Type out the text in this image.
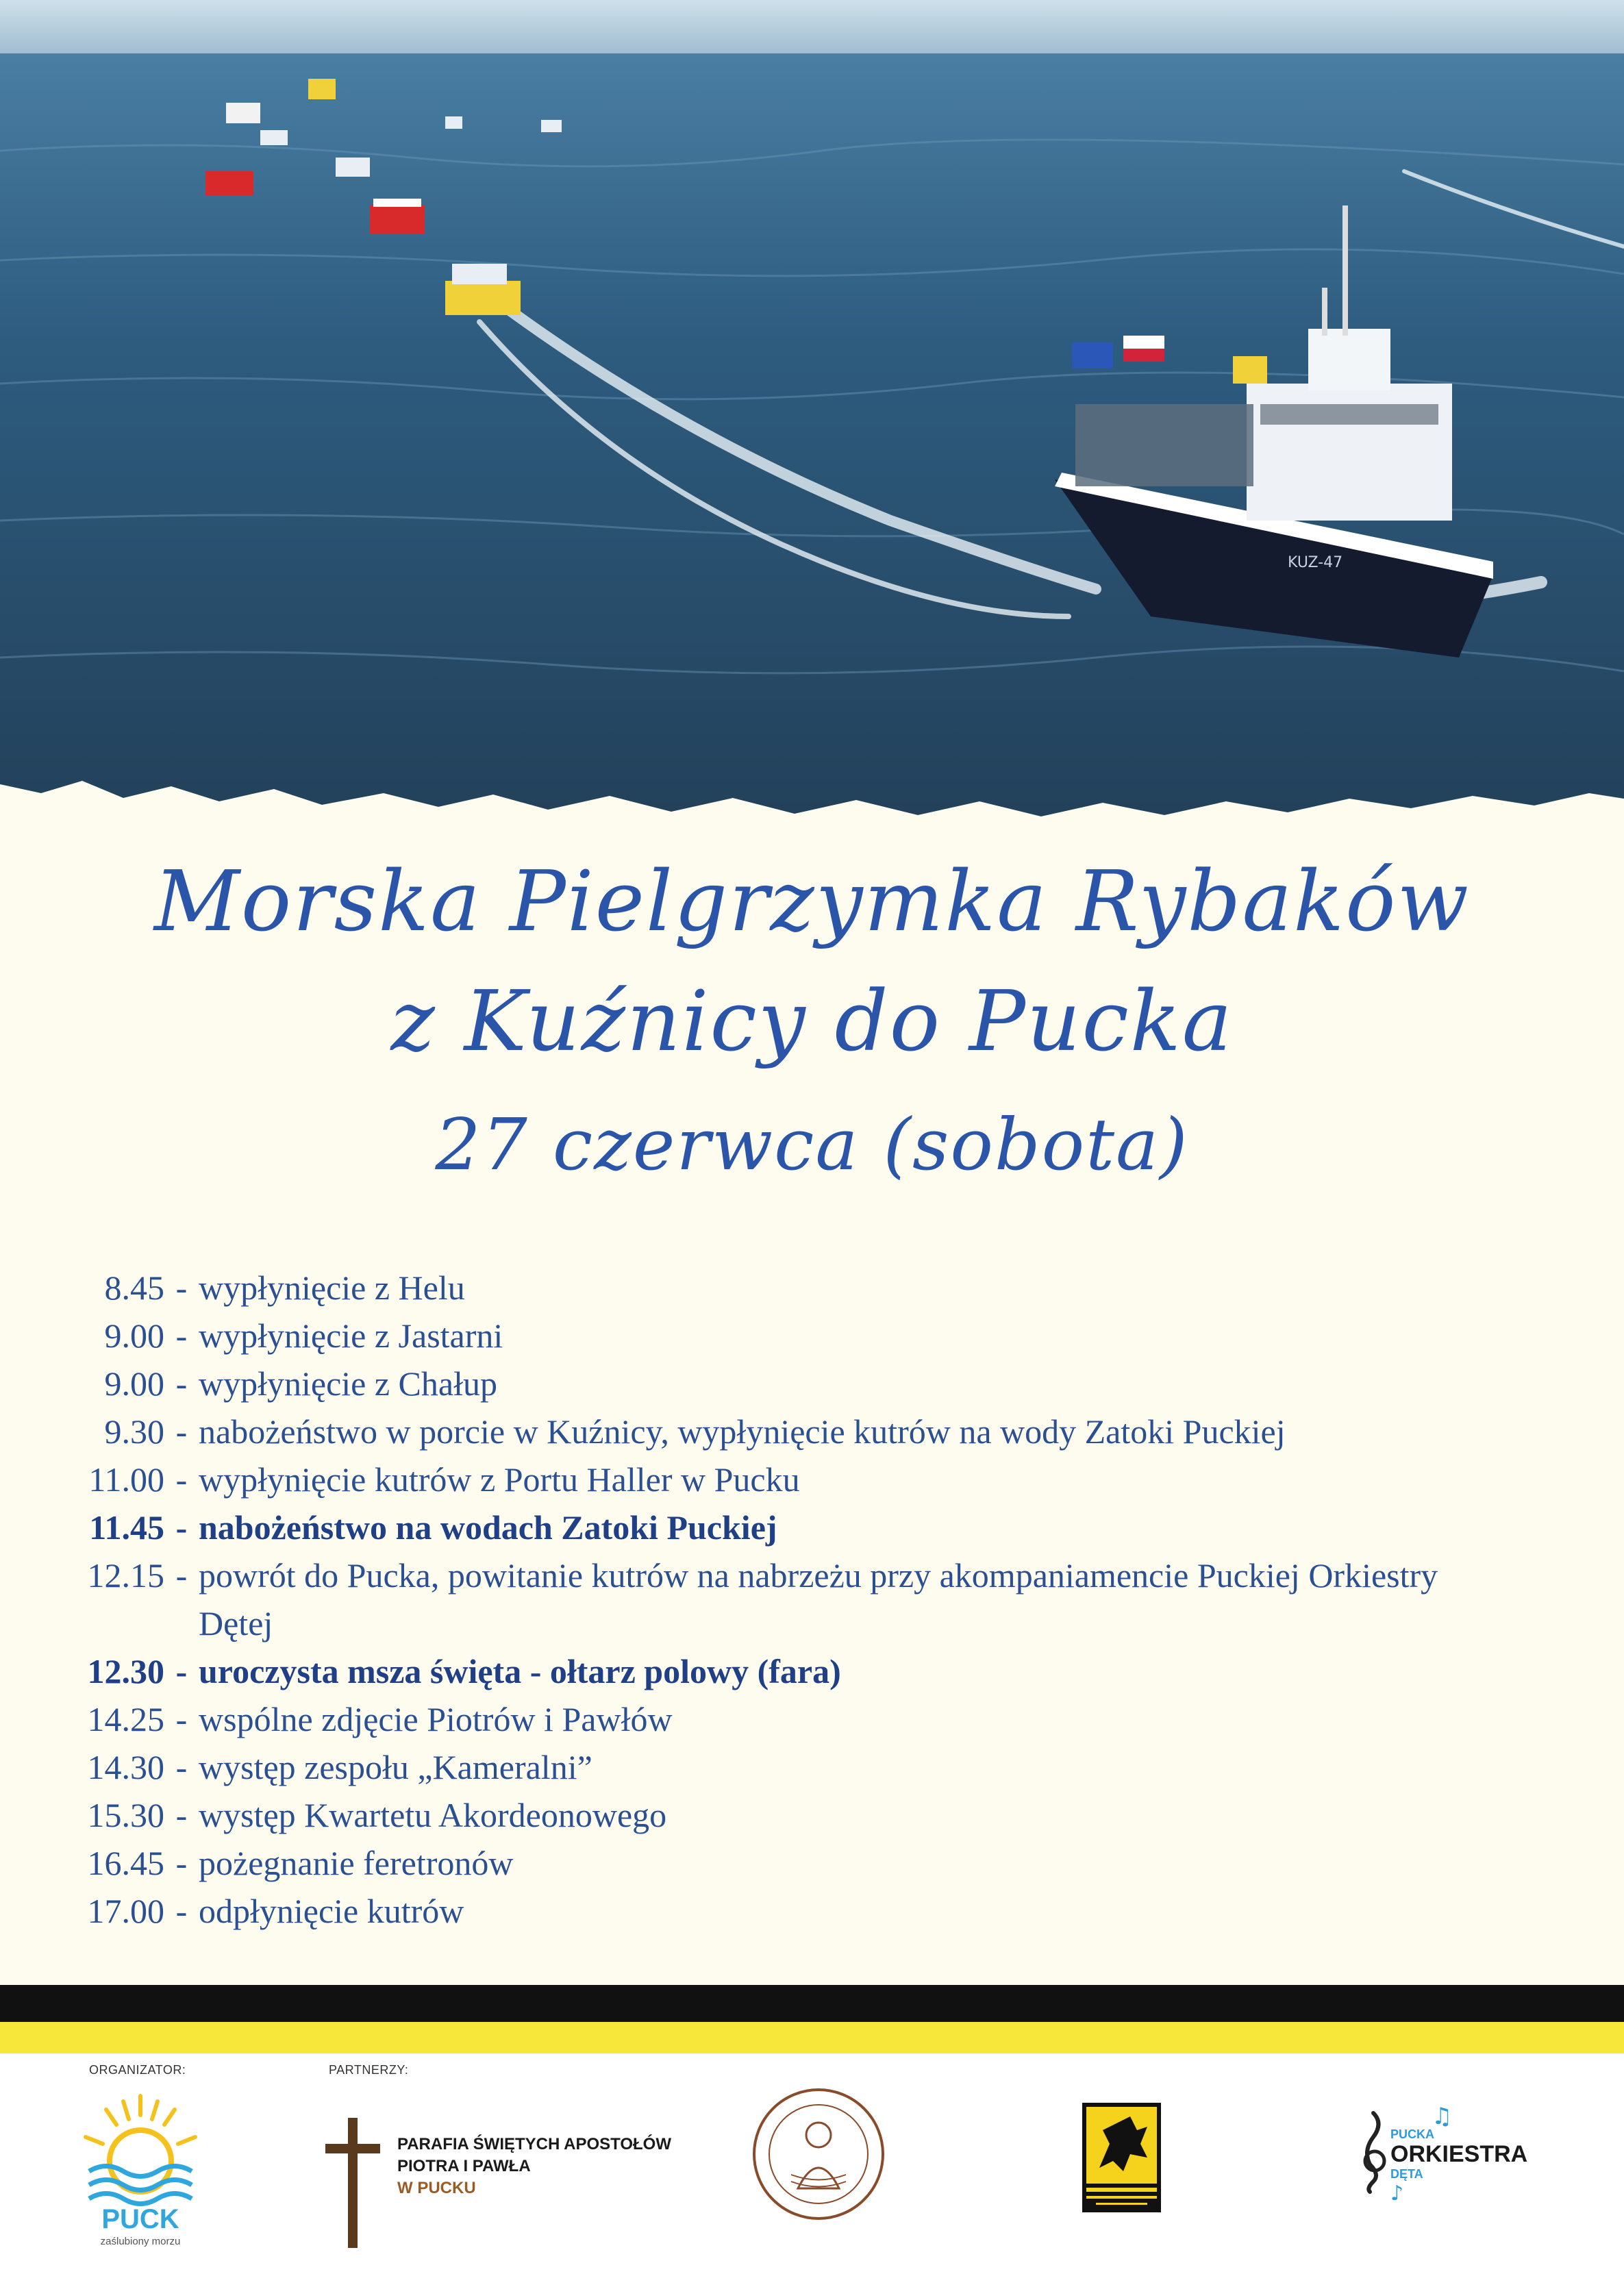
KUZ-47
Morska Pielgrzymka Rybaków
z Kuźnicy do Pucka
27 czerwca (sobota)
8.45 - wypłynięcie z Helu
9.00 - wypłynięcie z Jastarni
9.00 - wypłynięcie z Chałup
9.30 - nabożeństwo w porcie w Kuźnicy, wypłynięcie kutrów na wody Zatoki Puckiej
11.00 - wypłynięcie kutrów z Portu Haller w Pucku
11.45 - nabożeństwo na wodach Zatoki Puckiej
12.15 - powrót do Pucka, powitanie kutrów na nabrzeżu przy akompaniamencie Puckiej Orkiestry Dętej
12.30 - uroczysta msza święta - ołtarz polowy (fara)
14.25 - wspólne zdjęcie Piotrów i Pawłów
14.30 - występ zespołu „Kameralni”
15.30 - występ Kwartetu Akordeonowego
16.45 - pożegnanie feretronów
17.00 - odpłynięcie kutrów
ORGANIZATOR:	PARTNERZY:
PUCK
zaślubiony morzu
PARAFIA ŚWIĘTYCH APOSTOŁÓW
PIOTRA I PAWŁA
W PUCKU
PUCKA
ORKIESTRA
DĘTA
♫
♪
